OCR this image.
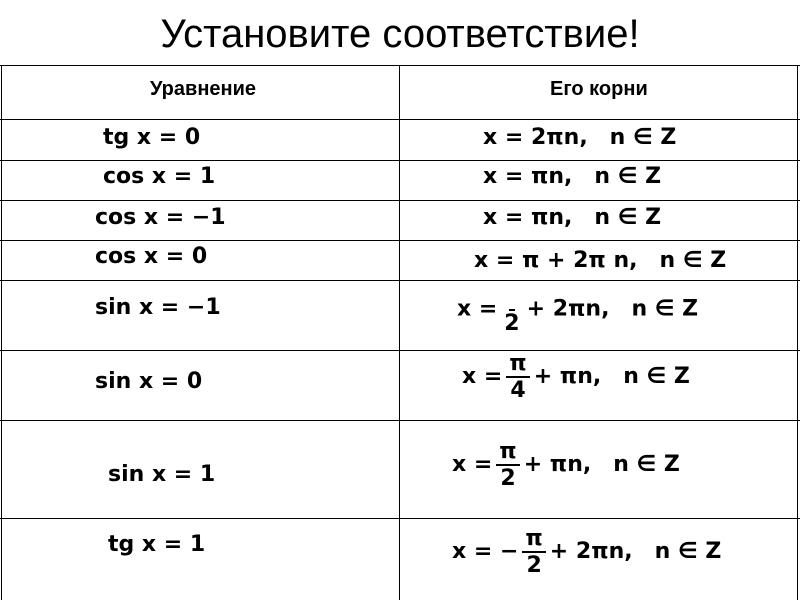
Установите соответствие!
Уравнение	Его корни
tg x = 0
cos x = 1
cos x = −1
cos x = 0
sin x = −1
sin x = 0
sin x = 1
tg x = 1
x = 2πn, n ∈ Z
x = πn, n ∈ Z
x = πn, n ∈ Z
x = π + 2π n, n ∈ Z
x =
2
+ 2πn, n ∈ Z
$x = \frac{\pi}{4} + \pi n$, n ∈ Z
$x = \frac{\pi}{2} + \pi n$, n ∈ Z
x = − $\frac{\pi}{2} + 2\pi n$, n ∈ Z
